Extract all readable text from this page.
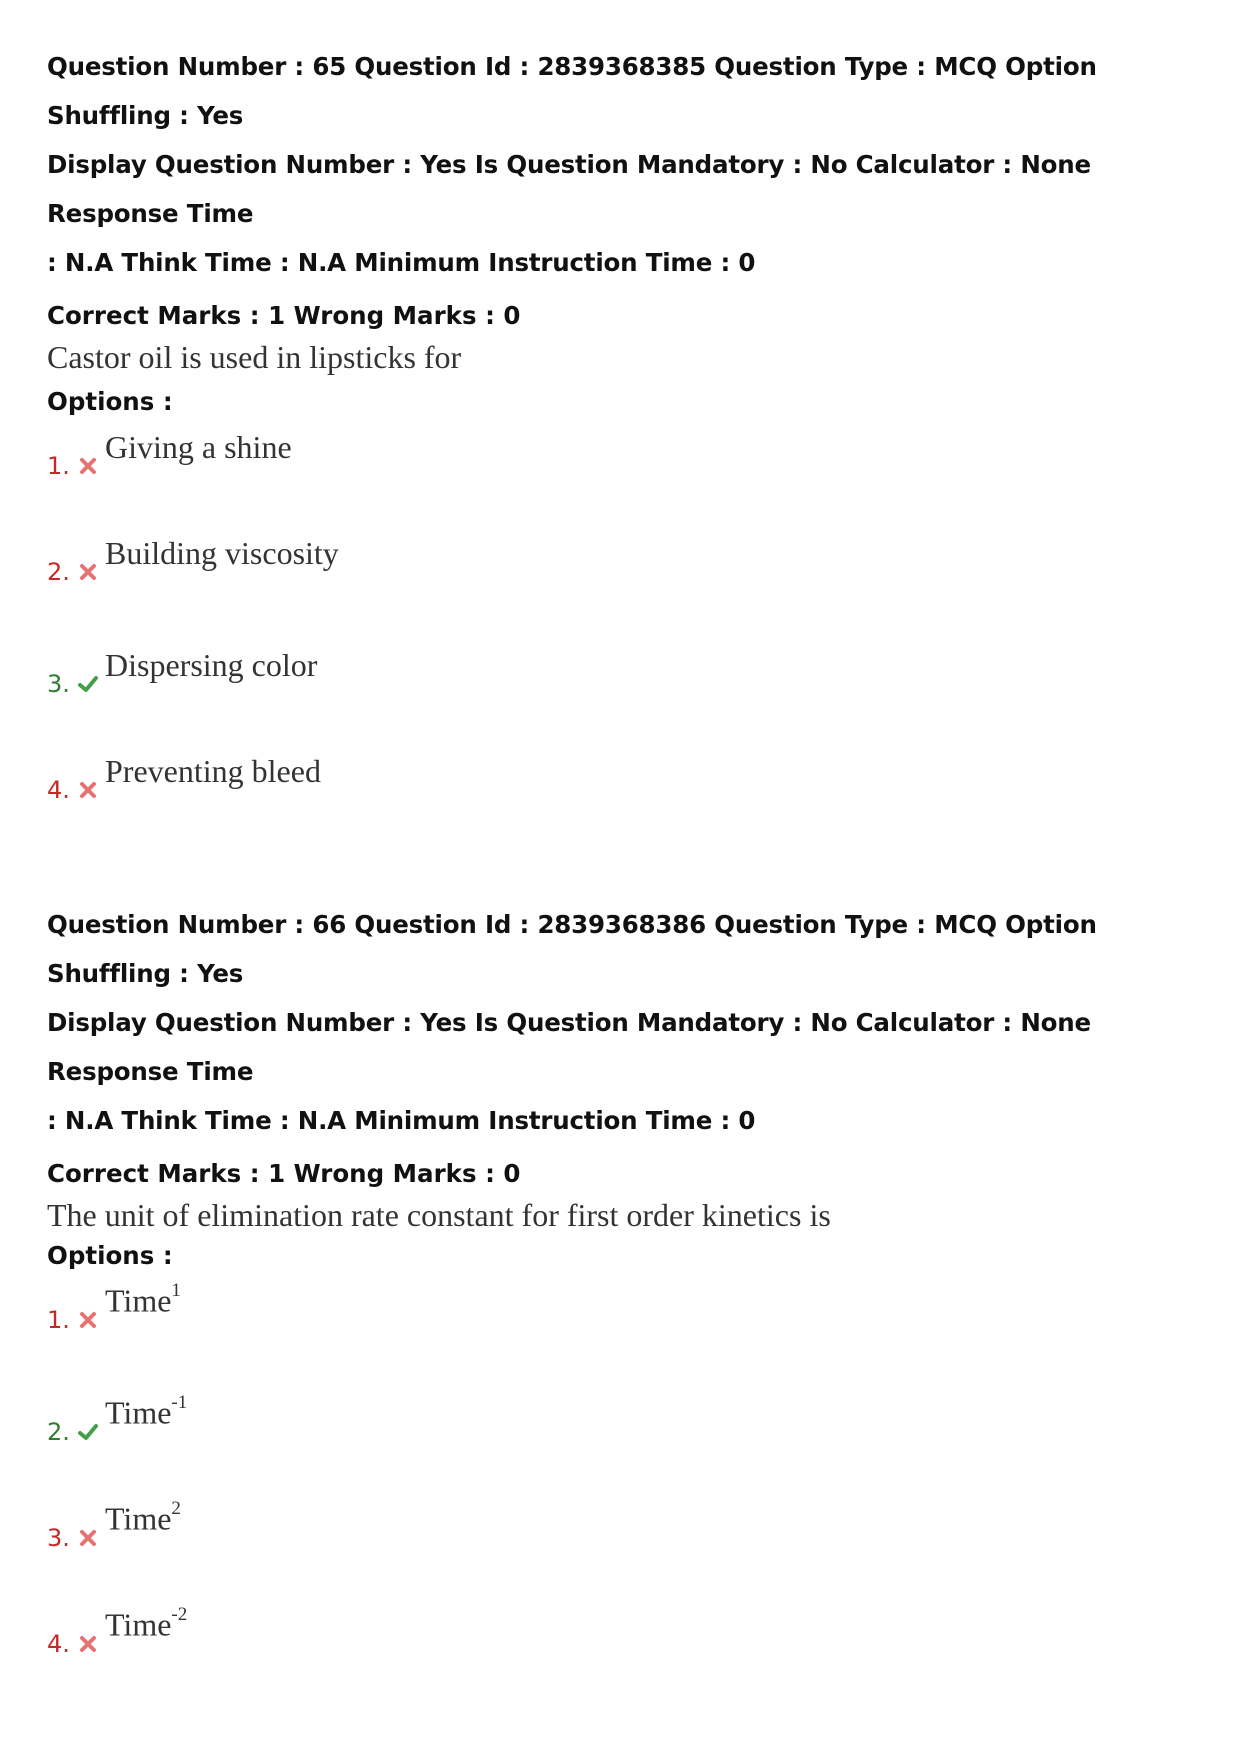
Question Number : 65 Question Id : 2839368385 Question Type : MCQ Option Shuffling : Yes

Display Question Number : Yes Is Question Mandatory : No Calculator : None Response Time

: N.A Think Time : N.A Minimum Instruction Time : 0

Correct Marks : 1 Wrong Marks : 0
Castor oil is used in lipsticks for
Options :
1.
Giving a shine
2.
Building viscosity
3.
Dispersing color
4.
Preventing bleed

Question Number : 66 Question Id : 2839368386 Question Type : MCQ Option Shuffling : Yes

Display Question Number : Yes Is Question Mandatory : No Calculator : None Response Time

: N.A Think Time : N.A Minimum Instruction Time : 0

Correct Marks : 1 Wrong Marks : 0
The unit of elimination rate constant for first order kinetics is
Options :
1.
Time$^1$
2.
Time$^{-1}$
3.
Time$^2$
4.
Time$^{-2}$
